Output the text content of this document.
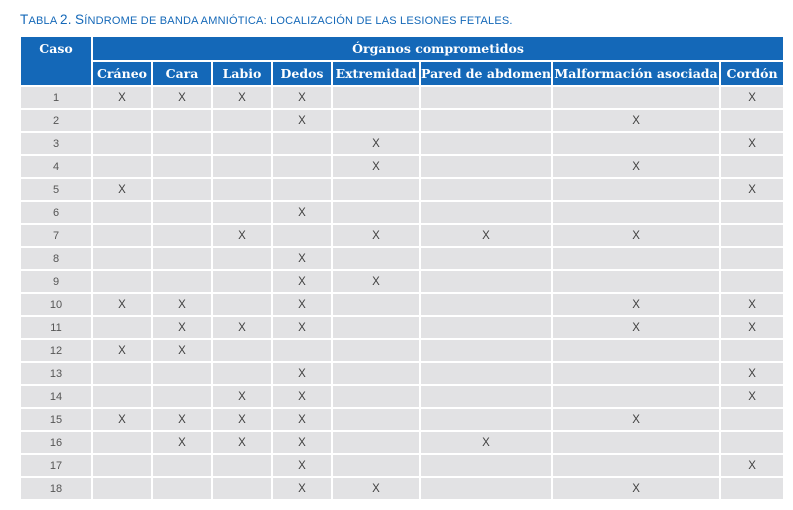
TABLA 2. SÍNDROME DE BANDA AMNIÓTICA: LOCALIZACIÓN DE LAS LESIONES FETALES.
Caso	Órganos comprometidos							
	Cráneo	Cara	Labio	Dedos	Extremidad	Pared de abdomen	Malformación asociada	Cordón
1	X	X	X	X				X
2				X			X	
3					X			X
4					X		X	
5	X							X
6				X				
7			X		X	X	X	
8				X				
9				X	X			
10	X	X		X			X	X
11		X	X	X			X	X
12	X	X						
13				X				X
14			X	X				X
15	X	X	X	X			X	
16		X	X	X		X		
17				X				X
18				X	X		X	
